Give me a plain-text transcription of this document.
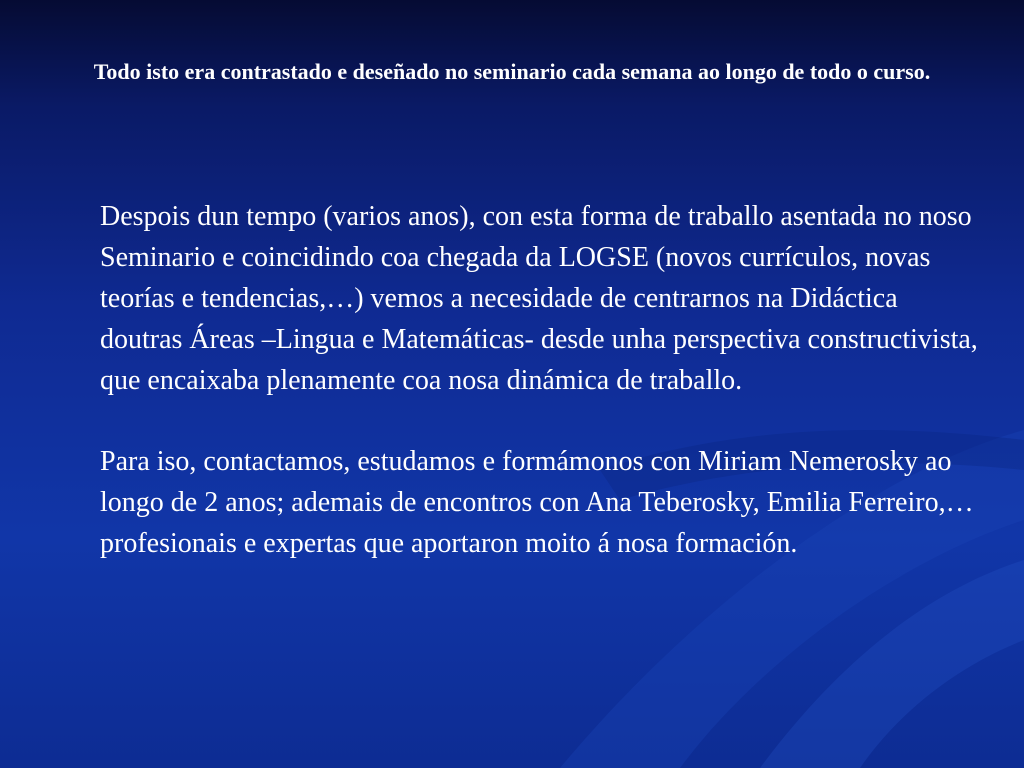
Todo isto era contrastado e deseñado no seminario cada semana ao longo de todo o curso.

Despois dun tempo (varios anos), con esta forma de traballo asentada no noso Seminario e coincidindo coa chegada da LOGSE (novos currículos, novas teorías e tendencias,…) vemos a necesidade de centrarnos na Didáctica doutras Áreas –Lingua e Matemáticas- desde unha perspectiva constructivista, que encaixaba plenamente coa nosa dinámica de traballo.

Para iso, contactamos, estudamos e formámonos con Miriam Nemerosky ao longo de 2 anos; ademais de encontros con Ana Teberosky, Emilia Ferreiro,… profesionais e expertas que aportaron moito á nosa formación.
